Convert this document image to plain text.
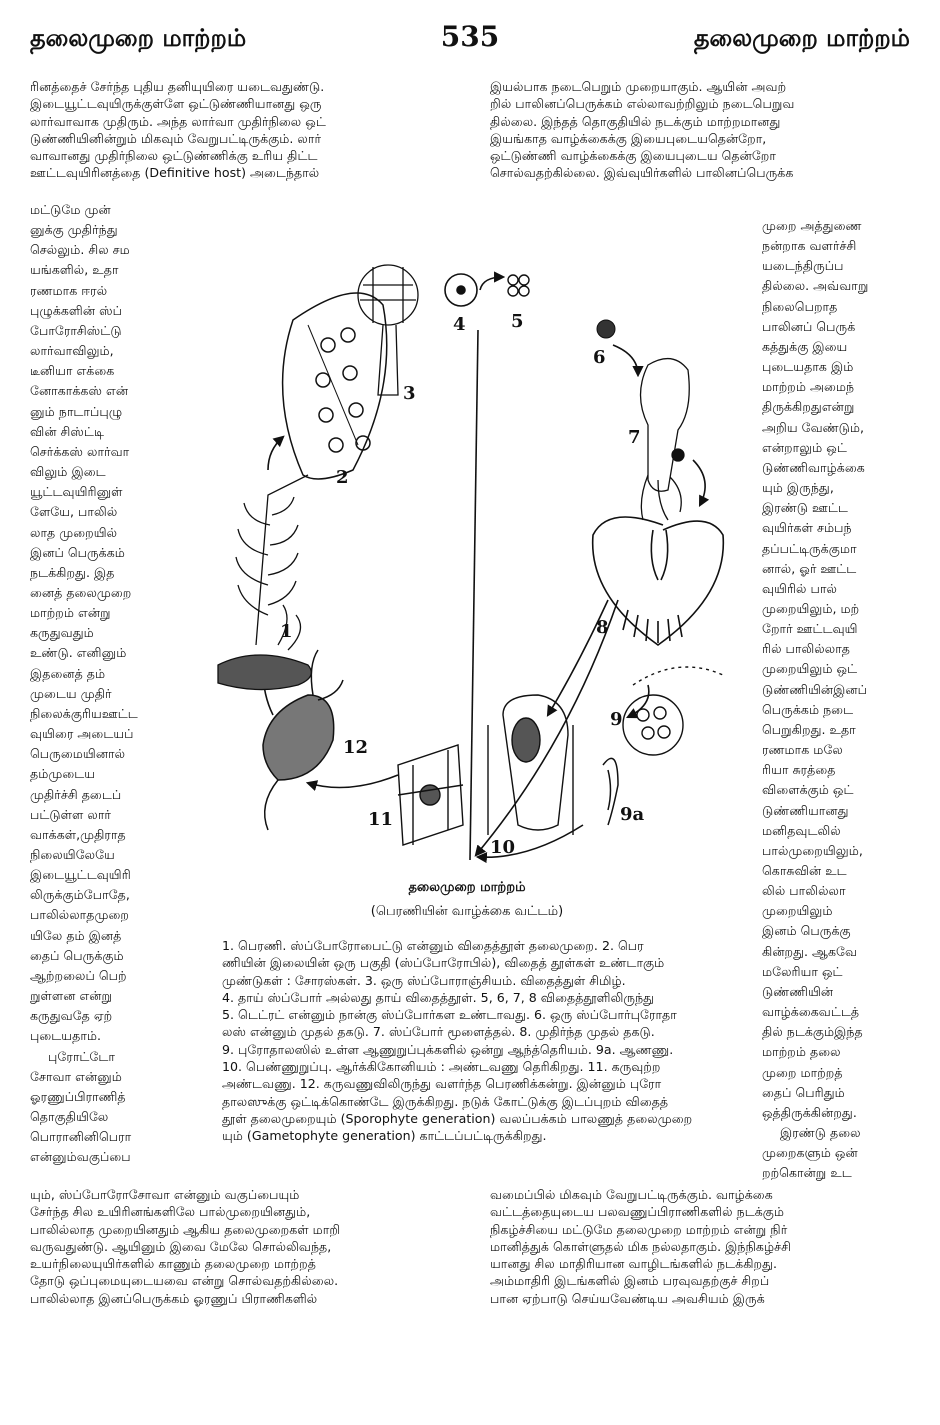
தலைமுறை மாற்றம்	535	தலைமுறை மாற்றம்

ரினத்தைச் சேர்ந்த புதிய தனியுயிரை யடைவதுண்டு.

இடையூட்டவுயிருக்குள்ளே ஒட்டுண்ணியானது ஒரு

லார்வாவாக முதிரும். அந்த லார்வா முதிர்நிலை ஒட்

டுண்ணியினின்றும் மிகவும் வேறுபட்டிருக்கும். லார்

வாவானது முதிர்நிலை ஒட்டுண்ணிக்கு உரிய திட்ட

ஊட்டவுயிரினத்தை (Definitive host) அடைந்தால்

இயல்பாக நடைபெறும் முறையாகும். ஆயின் அவற்

றில் பாலினப்பெருக்கம் எல்லாவற்றிலும் நடைபெறுவ

தில்லை. இந்தத் தொகுதியில் நடக்கும் மாற்றமானது

இயங்காத வாழ்க்கைக்கு இயைபுடையதென்றோ,

ஒட்டுண்ணி வாழ்க்கைக்கு இயைபுடைய தென்றோ

சொல்வதற்கில்லை. இவ்வுயிர்களில் பாலினப்பெருக்க

மட்டுமே முன்

னுக்கு முதிர்ந்து

செல்லும். சில சம

யங்களில், உதா

ரணமாக ஈரல்

புழுக்களின் ஸ்ப்

போரோசிஸ்ட்டு

லார்வாவிலும்,

டீனியா எக்கை

னோகாக்கஸ் என்

னும் நாடாப்புழு

வின் சிஸ்ட்டி

செர்க்கஸ் லார்வா

விலும் இடை

யூட்டவுயிரினுள்

ளேயே, பாலில்

லாத முறையில்

இனப் பெருக்கம்

நடக்கிறது. இத

னைத் தலைமுறை

மாற்றம் என்று

கருதுவதும்

உண்டு. எனினும்

இதனைத் தம்

முடைய முதிர்

நிலைக்குரியஊட்ட

வுயிரை அடையப்

பெருமையினால்

தம்முடைய

முதிர்ச்சி தடைப்

பட்டுள்ள லார்

வாக்கள்,முதிராத

நிலையிலேயே

இடையூட்டவுயிரி

லிருக்கும்போதே,

பாலில்லாதமுறை

யிலே தம் இனத்

தைப் பெருக்கும்

ஆற்றலைப் பெற்

றுள்ளன என்று

கருதுவதே ஏற்

புடையதாம்.

புரோட்டோ

சோவா என்னும்

ஓரணுப்பிராணித்

தொகுதியிலே

பொரானினிபெரா

என்னும்வகுப்பை

முறை அத்துணை

நன்றாக வளர்ச்சி

யடைந்திருப்ப

தில்லை. அவ்வாறு

நிலைபெறாத

பாலினப் பெருக்

கத்துக்கு இயை

புடையதாக இம்

மாற்றம் அமைந்

திருக்கிறதுஎன்று

அறிய வேண்டும்,

என்றாலும் ஒட்

டுண்ணிவாழ்க்கை

யும் இருந்து,

இரண்டு ஊட்ட

வுயிர்கள் சம்பந்

தப்பட்டிருக்குமா

னால், ஓர் ஊட்ட

வுயிரில் பால்

முறையிலும், மற்

றோர் ஊட்டவுயி

ரில் பாலில்லாத

முறையிலும் ஒட்

டுண்ணியின்இனப்

பெருக்கம் நடை

பெறுகிறது. உதா

ரணமாக மலே

ரியா சுரத்தை

விளைக்கும் ஒட்

டுண்ணியானது

மனிதவுடலில்

பால்முறையிலும்,

கொசுவின் உட

லில் பாலில்லா

முறையிலும்

இனம் பெருக்கு

கின்றது. ஆகவே

மலேரியா ஒட்

டுண்ணியின்

வாழ்க்கைவட்டத்

தில் நடக்கும்இந்த

மாற்றம் தலை

முறை மாற்றத்

தைப் பெரிதும்

ஒத்திருக்கின்றது.

இரண்டு தலை

முறைகளும் ஒன்

றற்கொன்று உட

1
2
3
4	5
6
7
8
9
9a
10
11
12
தலைமுறை மாற்றம்
(பெரணியின் வாழ்க்கை வட்டம்)

1. பெரணி. ஸ்ப்போரோபைட்டு என்னும் விதைத்தூள் தலைமுறை. 2. பெர

ணியின் இலையின் ஒரு பகுதி (ஸ்ப்போரோபில்), விதைத் தூள்கள் உண்டாகும்

முண்டுகள் : சோரஸ்கள். 3. ஒரு ஸ்ப்போராஞ்சியம். விதைத்துள் சிமிழ்.

4. தாய் ஸ்ப்போர் அல்லது தாய் விதைத்தூள். 5, 6, 7, 8 விதைத்தூளிலிருந்து

5. டெட்ரட் என்னும் நான்கு ஸ்ப்போர்கள உண்டாவது. 6. ஒரு ஸ்ப்போர்புரோதா

லஸ் என்னும் முதல் தகடு. 7. ஸ்ப்போர் மூளைத்தல். 8. முதிர்ந்த முதல் தகடு.

9. புரோதாலஸில் உள்ள ஆணுறுப்புக்களில் ஒன்று ஆந்த்தெரியம். 9a. ஆணணு.

10. பெண்ணுறுப்பு. ஆர்க்கிகோனியம் : அண்டவணு தெரிகிறது. 11. கருவுற்ற

அண்டவணு. 12. கருவணுவிலிருந்து வளர்ந்த பெரணிக்கன்று. இன்னும் புரோ

தாலஸுக்கு ஒட்டிக்கொண்டே இருக்கிறது. நடுக் கோட்டுக்கு இடப்புறம் விதைத்

தூள் தலைமுறையும் (Sporophyte generation) வலப்பக்கம் பாலணுத் தலைமுறை

யும் (Gametophyte generation) காட்டப்பட்டிருக்கிறது.

யும், ஸ்ப்போரோசோவா என்னும் வகுப்பையும்

சேர்ந்த சில உயிரினங்களிலே பால்முறையினதும்,

பாலில்லாத முறையினதும் ஆகிய தலைமுறைகள் மாறி

வருவதுண்டு. ஆயினும் இவை மேலே சொல்லிவந்த,

உயர்நிலையுயிர்களில் காணும் தலைமுறை மாற்றத்

தோடு ஒப்புமையுடையவை என்று சொல்வதற்கில்லை.

பாலில்லாத இனப்பெருக்கம் ஓரணுப் பிராணிகளில்

வமைப்பில் மிகவும் வேறுபட்டிருக்கும். வாழ்க்கை

வட்டத்தையுடைய பலவணுப்பிராணிகளில் நடக்கும்

நிகழ்ச்சியை மட்டுமே தலைமுறை மாற்றம் என்று நிர்

மானித்துக் கொள்ளுதல் மிக நல்லதாகும். இந்நிகழ்ச்சி

யானது சில மாதிரியான வாழிடங்களில் நடக்கிறது.

அம்மாதிரி இடங்களில் இனம் பரவுவதற்குச் சிறப்

பான ஏற்பாடு செய்யவேண்டிய அவசியம் இருக்
